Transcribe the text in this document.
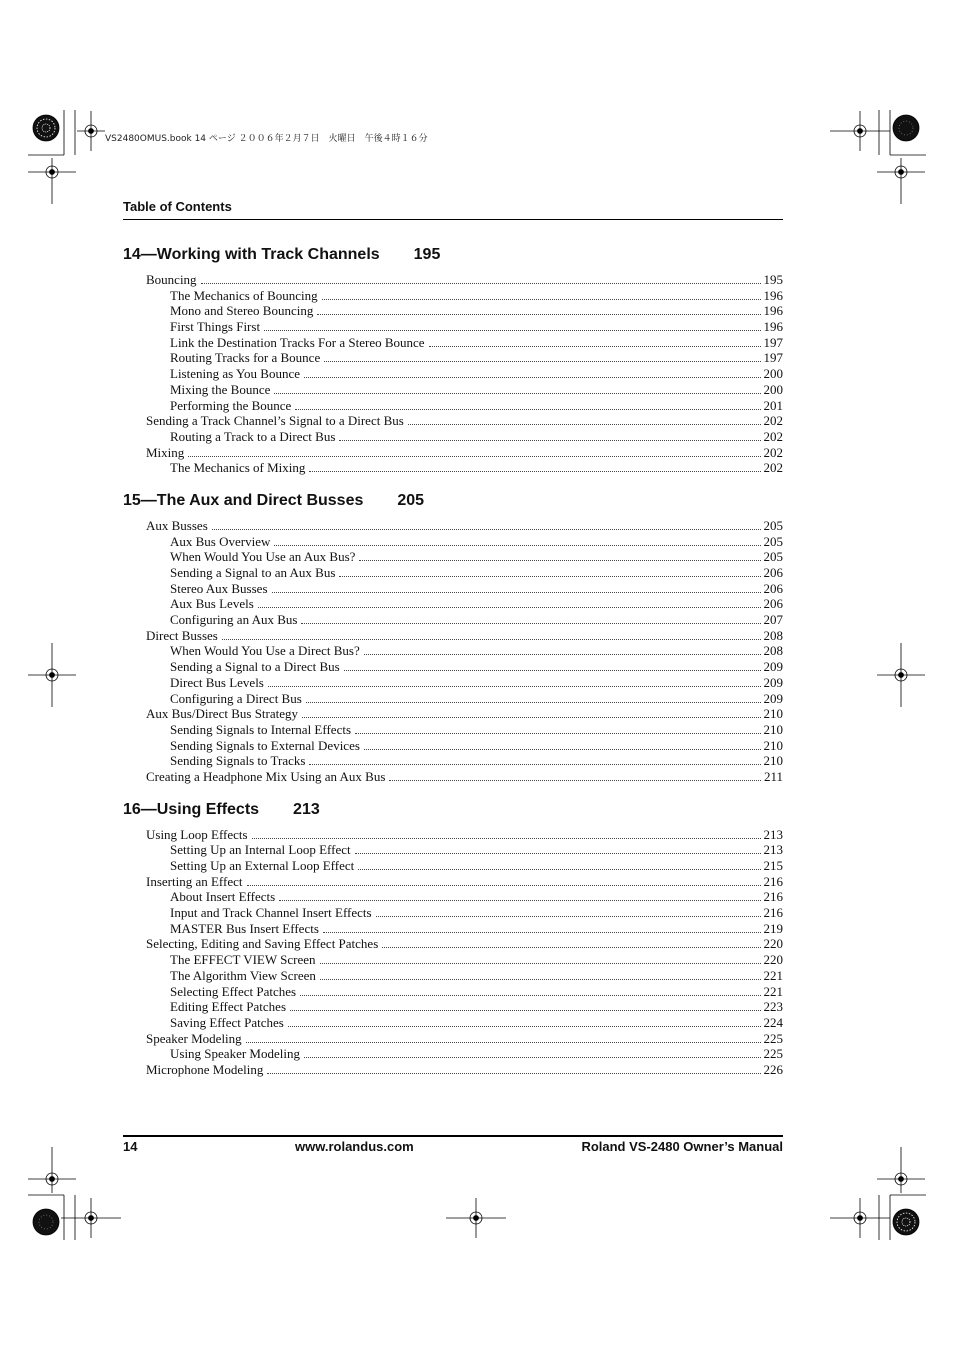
VS2480OMUS.book 14 ページ ２００６年２月７日　火曜日　午後４時１６分
Table of Contents
14—Working with Track Channels 195
Bouncing	195
The Mechanics of Bouncing	196
Mono and Stereo Bouncing	196
First Things First	196
Link the Destination Tracks For a Stereo Bounce	197
Routing Tracks for a Bounce	197
Listening as You Bounce	200
Mixing the Bounce	200
Performing the Bounce	201
Sending a Track Channel’s Signal to a Direct Bus	202
Routing a Track to a Direct Bus	202
Mixing	202
The Mechanics of Mixing	202
15—The Aux and Direct Busses 205
Aux Busses	205
Aux Bus Overview	205
When Would You Use an Aux Bus?	205
Sending a Signal to an Aux Bus	206
Stereo Aux Busses	206
Aux Bus Levels	206
Configuring an Aux Bus	207
Direct Busses	208
When Would You Use a Direct Bus?	208
Sending a Signal to a Direct Bus	209
Direct Bus Levels	209
Configuring a Direct Bus	209
Aux Bus/Direct Bus Strategy	210
Sending Signals to Internal Effects	210
Sending Signals to External Devices	210
Sending Signals to Tracks	210
Creating a Headphone Mix Using an Aux Bus	211
16—Using Effects 213
Using Loop Effects	213
Setting Up an Internal Loop Effect	213
Setting Up an External Loop Effect	215
Inserting an Effect	216
About Insert Effects	216
Input and Track Channel Insert Effects	216
MASTER Bus Insert Effects	219
Selecting, Editing and Saving Effect Patches	220
The EFFECT VIEW Screen	220
The Algorithm View Screen	221
Selecting Effect Patches	221
Editing Effect Patches	223
Saving Effect Patches	224
Speaker Modeling	225
Using Speaker Modeling	225
Microphone Modeling	226
14	www.rolandus.com	Roland VS-2480 Owner’s Manual
